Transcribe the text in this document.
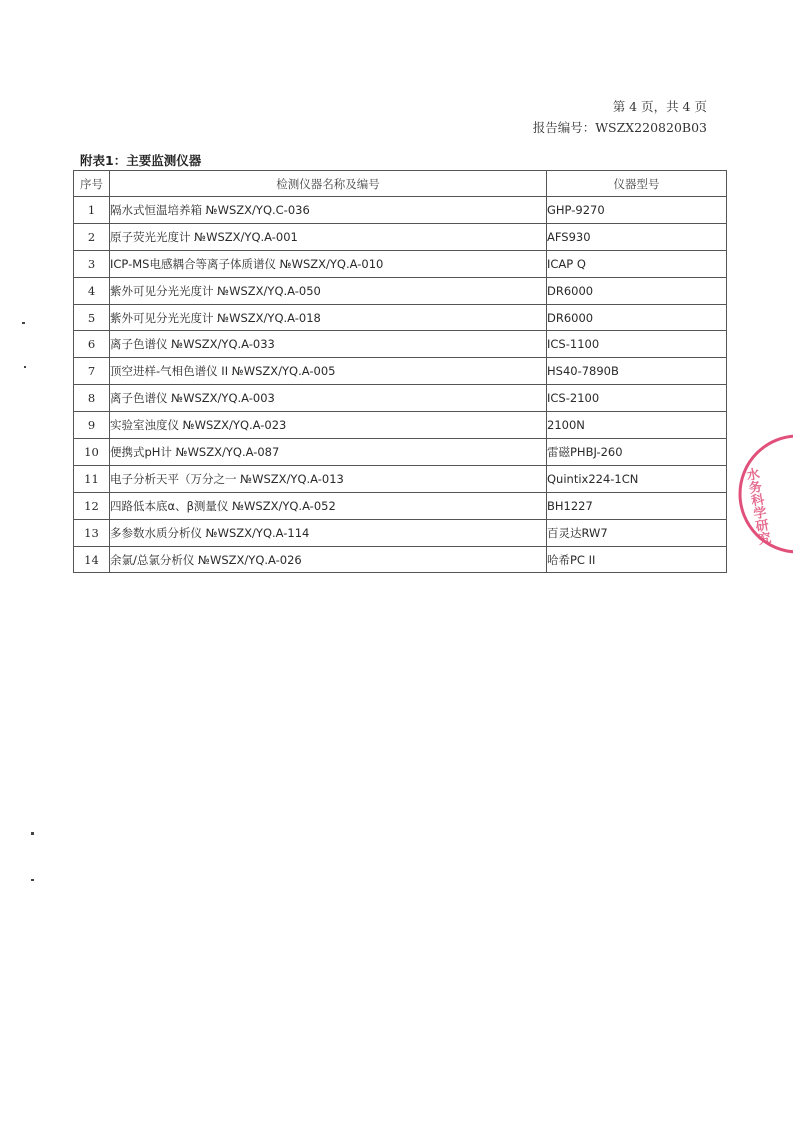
第 4 页，共 4 页
报告编号：WSZX220820B03
附表1：主要监测仪器
序号	检测仪器名称及编号	仪器型号
1	隔水式恒温培养箱 №WSZX/YQ.C-036	GHP-9270
2	原子荧光光度计 №WSZX/YQ.A-001	AFS930
3	ICP-MS电感耦合等离子体质谱仪 №WSZX/YQ.A-010	ICAP Q
4	紫外可见分光光度计 №WSZX/YQ.A-050	DR6000
5	紫外可见分光光度计 №WSZX/YQ.A-018	DR6000
6	离子色谱仪 №WSZX/YQ.A-033	ICS-1100
7	顶空进样-气相色谱仪 II №WSZX/YQ.A-005	HS40-7890B
8	离子色谱仪 №WSZX/YQ.A-003	ICS-2100
9	实验室浊度仪 №WSZX/YQ.A-023	2100N
10	便携式pH计 №WSZX/YQ.A-087	雷磁PHBJ-260
11	电子分析天平（万分之一 №WSZX/YQ.A-013	Quintix224-1CN
12	四路低本底α、β测量仪 №WSZX/YQ.A-052	BH1227
13	多参数水质分析仪 №WSZX/YQ.A-114	百灵达RW7
14	余氯/总氯分析仪 №WSZX/YQ.A-026	哈希PC II
水务科学研究
